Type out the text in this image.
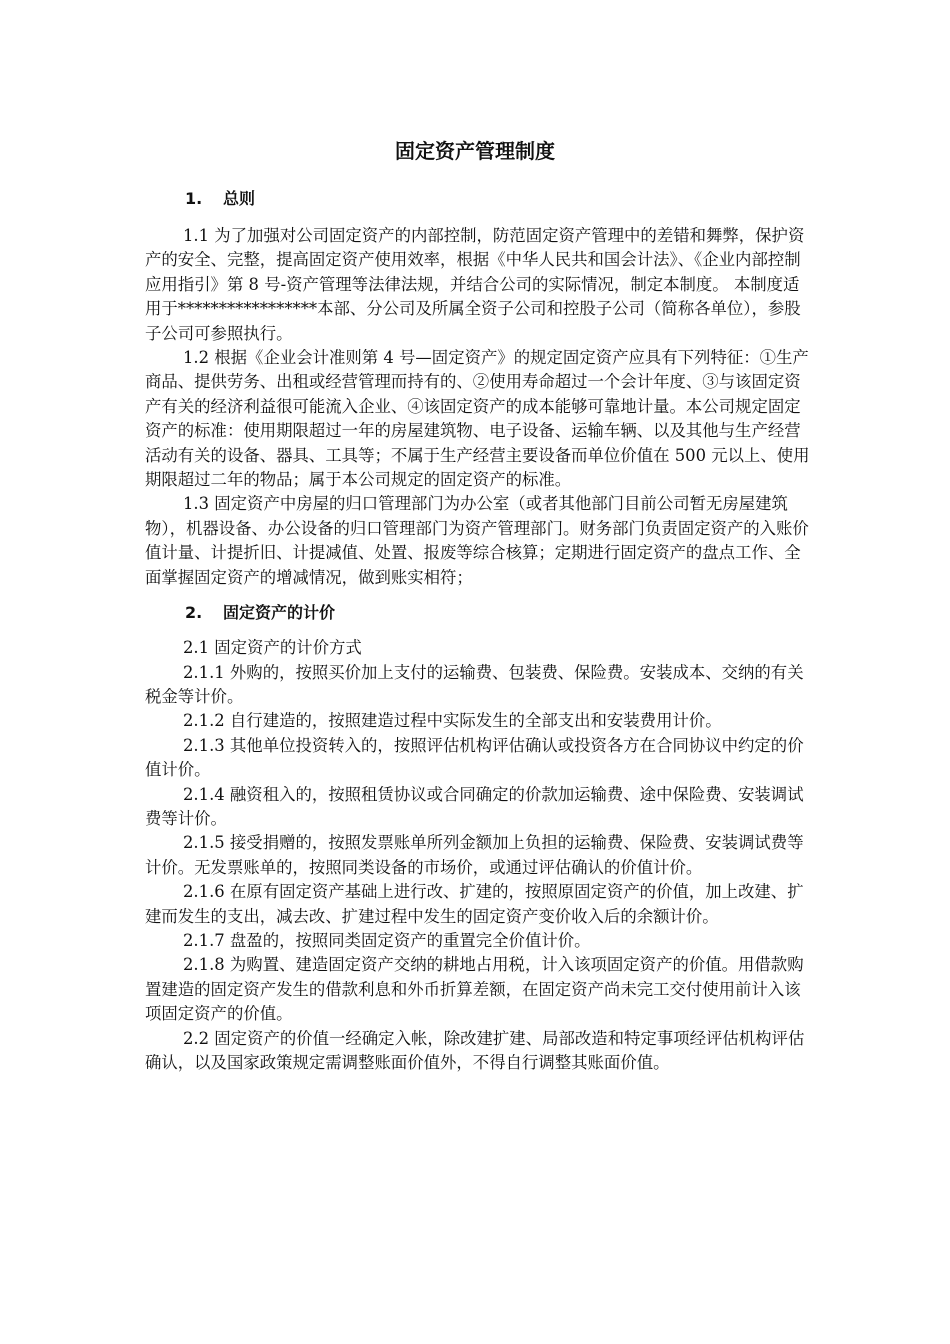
固定资产管理制度
1. 总则

1.1 为了加强对公司固定资产的内部控制，防范固定资产管理中的差错和舞弊，保护资产的安全、完整，提高固定资产使用效率，根据《中华人民共和国会计法》、《企业内部控制应用指引》第 8 号-资产管理等法律法规，并结合公司的实际情况，制定本制度。 本制度适用于*****************本部、分公司及所属全资子公司和控股子公司（简称各单位），参股子公司可参照执行。

1.2 根据《企业会计准则第 4 号—固定资产》的规定固定资产应具有下列特征：①生产商品、提供劳务、出租或经营管理而持有的、②使用寿命超过一个会计年度、③与该固定资产有关的经济利益很可能流入企业、④该固定资产的成本能够可靠地计量。本公司规定固定资产的标准：使用期限超过一年的房屋建筑物、电子设备、运输车辆、以及其他与生产经营活动有关的设备、器具、工具等；不属于生产经营主要设备而单位价值在 500 元以上、使用期限超过二年的物品；属于本公司规定的固定资产的标准。

1.3 固定资产中房屋的归口管理部门为办公室（或者其他部门目前公司暂无房屋建筑物），机器设备、办公设备的归口管理部门为资产管理部门。财务部门负责固定资产的入账价值计量、计提折旧、计提减值、处置、报废等综合核算；定期进行固定资产的盘点工作、全面掌握固定资产的增减情况，做到账实相符；

2. 固定资产的计价

2.1 固定资产的计价方式

2.1.1 外购的，按照买价加上支付的运输费、包装费、保险费。安装成本、交纳的有关税金等计价。

2.1.2 自行建造的，按照建造过程中实际发生的全部支出和安装费用计价。

2.1.3 其他单位投资转入的，按照评估机构评估确认或投资各方在合同协议中约定的价值计价。

2.1.4 融资租入的，按照租赁协议或合同确定的价款加运输费、途中保险费、安装调试费等计价。

2.1.5 接受捐赠的，按照发票账单所列金额加上负担的运输费、保险费、安装调试费等计价。无发票账单的，按照同类设备的市场价，或通过评估确认的价值计价。

2.1.6 在原有固定资产基础上进行改、扩建的，按照原固定资产的价值，加上改建、扩建而发生的支出，减去改、扩建过程中发生的固定资产变价收入后的余额计价。

2.1.7 盘盈的，按照同类固定资产的重置完全价值计价。

2.1.8 为购置、建造固定资产交纳的耕地占用税，计入该项固定资产的价值。用借款购置建造的固定资产发生的借款利息和外币折算差额，在固定资产尚未完工交付使用前计入该项固定资产的价值。

2.2 固定资产的价值一经确定入帐，除改建扩建、局部改造和特定事项经评估机构评估确认，以及国家政策规定需调整账面价值外，不得自行调整其账面价值。
